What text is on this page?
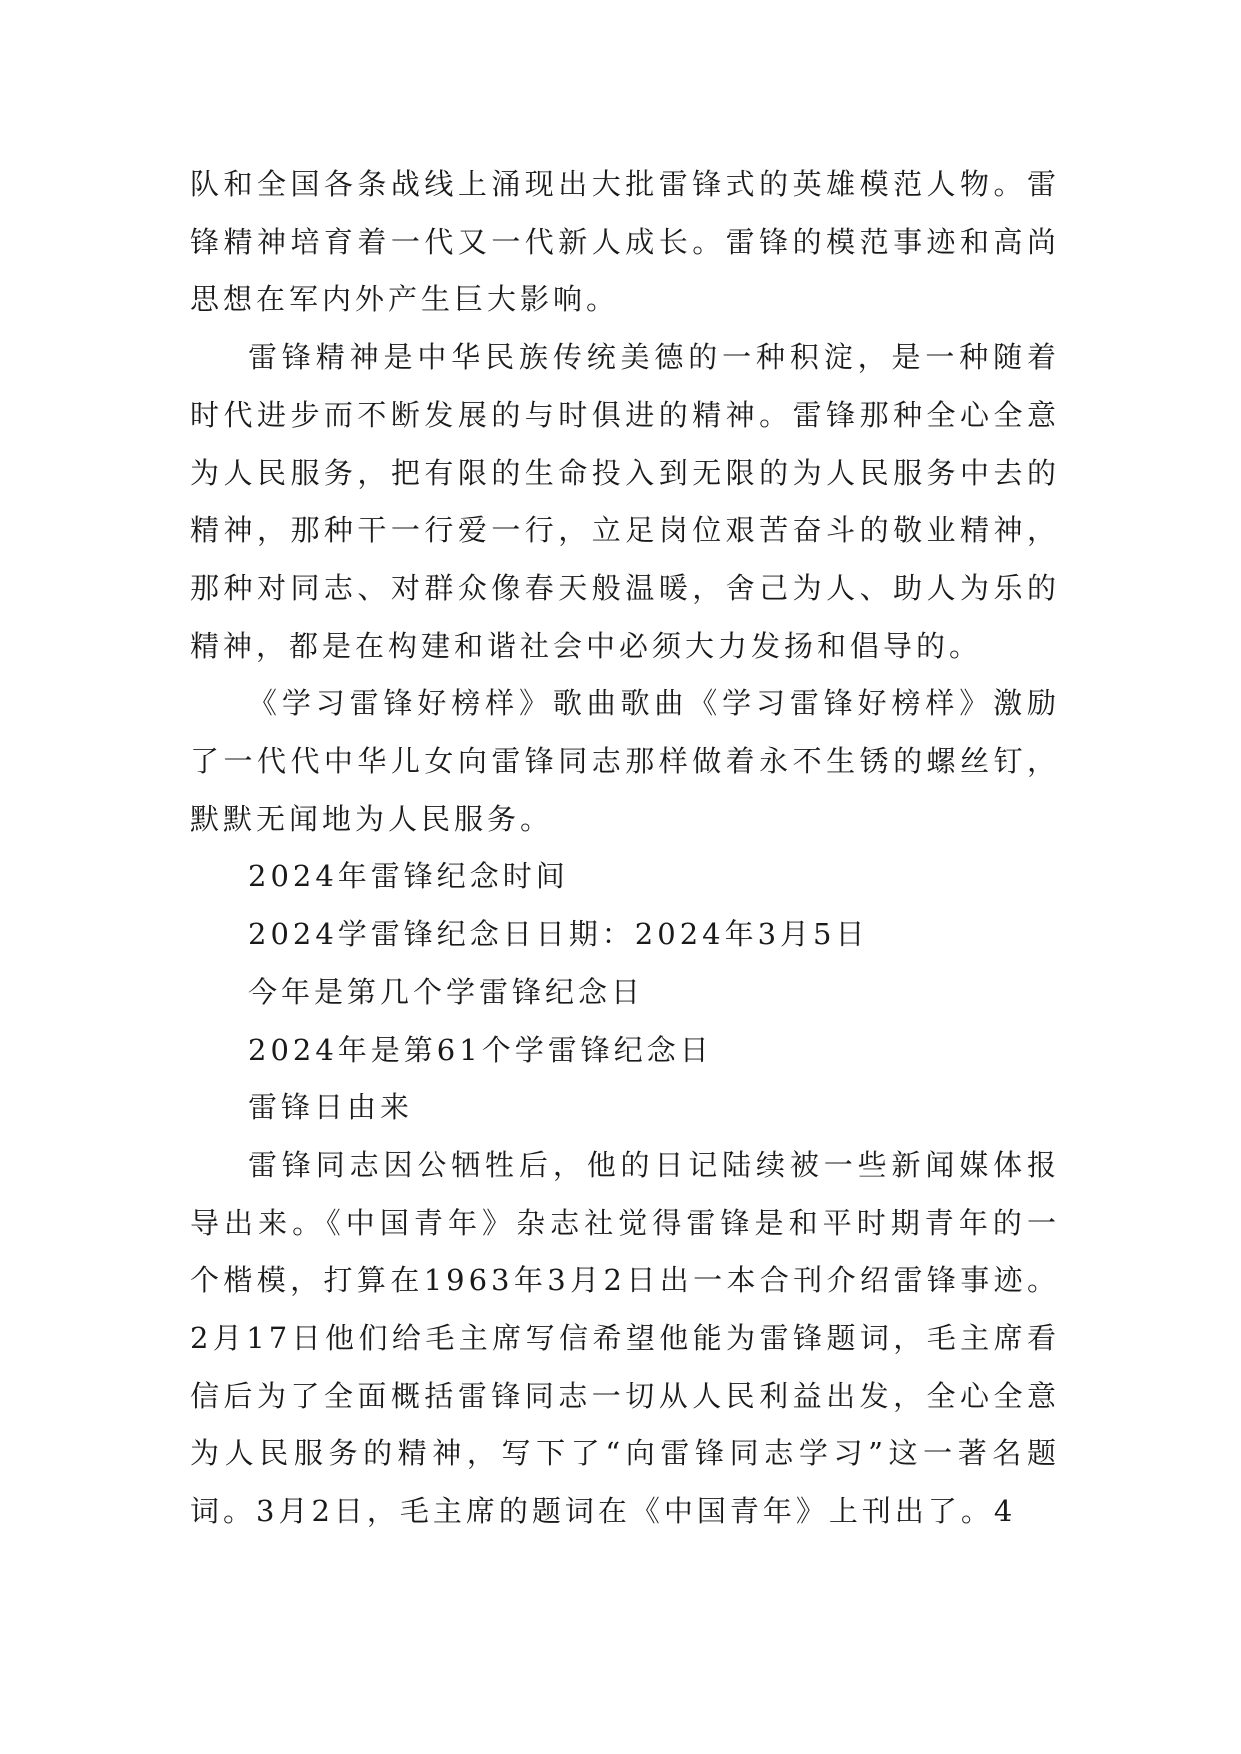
队和全国各条战线上涌现出大批雷锋式的英雄模范人物。雷锋精神培育着一代又一代新人成长。雷锋的模范事迹和高尚思想在军内外产生巨大影响。

雷锋精神是中华民族传统美德的一种积淀，是一种随着时代进步而不断发展的与时俱进的精神。雷锋那种全心全意为人民服务，把有限的生命投入到无限的为人民服务中去的精神，那种干一行爱一行，立足岗位艰苦奋斗的敬业精神，那种对同志、对群众像春天般温暖，舍己为人、助人为乐的精神，都是在构建和谐社会中必须大力发扬和倡导的。

《学习雷锋好榜样》歌曲歌曲《学习雷锋好榜样》激励了一代代中华儿女向雷锋同志那样做着永不生锈的螺丝钉，默默无闻地为人民服务。

2024年雷锋纪念时间

2024学雷锋纪念日日期：2024年3月5日

今年是第几个学雷锋纪念日

2024年是第61个学雷锋纪念日

雷锋日由来

雷锋同志因公牺牲后，他的日记陆续被一些新闻媒体报导出来。《中国青年》杂志社觉得雷锋是和平时期青年的一个楷模，打算在1963年3月2日出一本合刊介绍雷锋事迹。2月17日他们给毛主席写信希望他能为雷锋题词，毛主席看信后为了全面概括雷锋同志一切从人民利益出发，全心全意为人民服务的精神，写下了“向雷锋同志学习”这一著名题词。3月2日，毛主席的题词在《中国青年》上刊出了。4
